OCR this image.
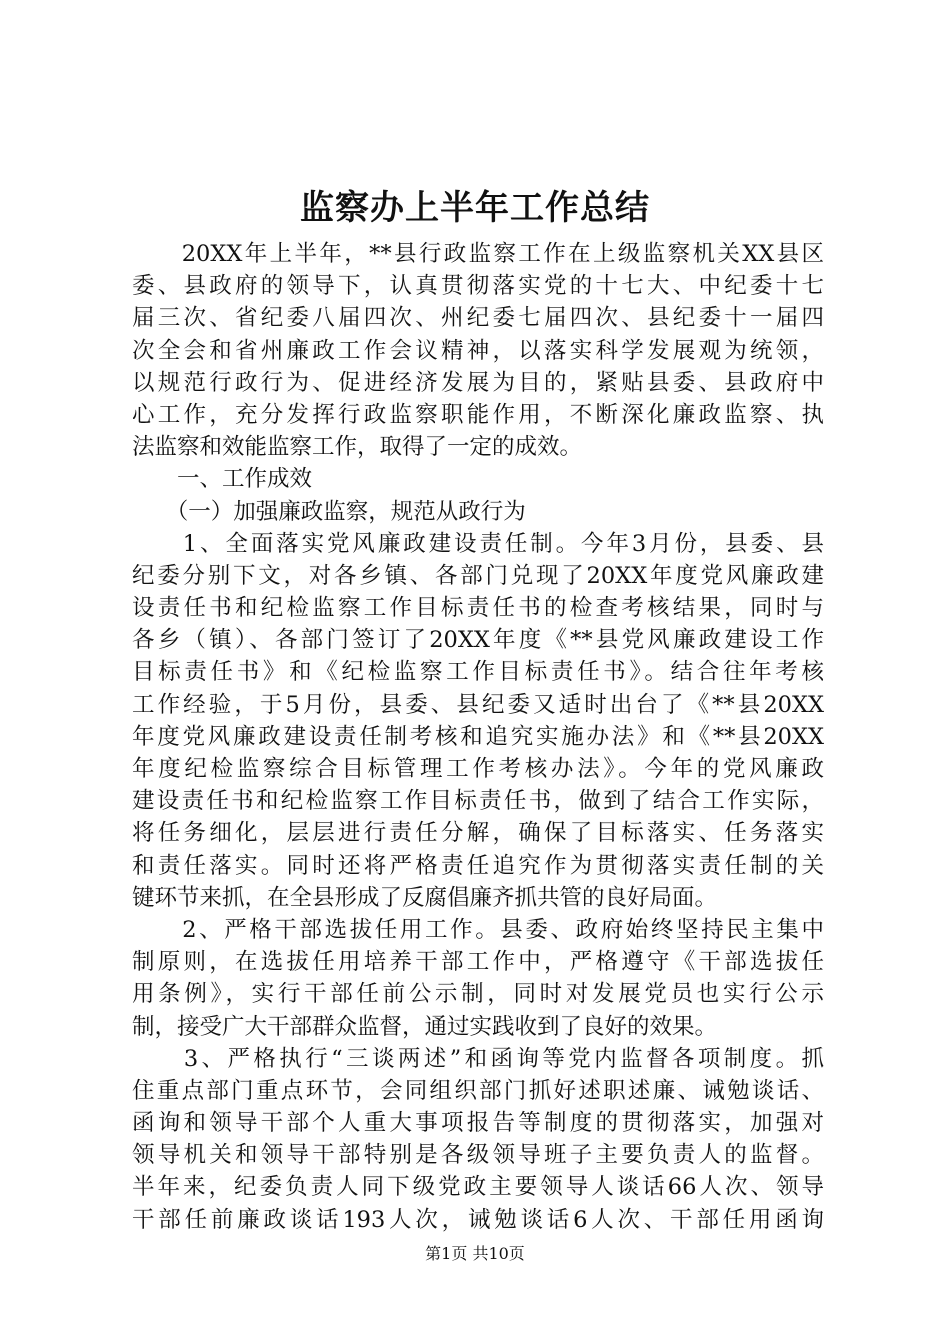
监察办上半年工作总结
　　20XX年上半年，**县行政监察工作在上级监察机关XX县区
委、县政府的领导下，认真贯彻落实党的十七大、中纪委十七
届三次、省纪委八届四次、州纪委七届四次、县纪委十一届四
次全会和省州廉政工作会议精神，以落实科学发展观为统领，
以规范行政行为、促进经济发展为目的，紧贴县委、县政府中
心工作，充分发挥行政监察职能作用，不断深化廉政监察、执
法监察和效能监察工作，取得了一定的成效。
　　一、工作成效
　　（一）加强廉政监察，规范从政行为
　　1、全面落实党风廉政建设责任制。今年3月份，县委、县
纪委分别下文，对各乡镇、各部门兑现了20XX年度党风廉政建
设责任书和纪检监察工作目标责任书的检查考核结果，同时与
各乡（镇）、各部门签订了20XX年度《**县党风廉政建设工作
目标责任书》和《纪检监察工作目标责任书》。结合往年考核
工作经验，于5月份，县委、县纪委又适时出台了《**县20XX
年度党风廉政建设责任制考核和追究实施办法》和《**县20XX
年度纪检监察综合目标管理工作考核办法》。今年的党风廉政
建设责任书和纪检监察工作目标责任书，做到了结合工作实际，
将任务细化，层层进行责任分解，确保了目标落实、任务落实
和责任落实。同时还将严格责任追究作为贯彻落实责任制的关
键环节来抓，在全县形成了反腐倡廉齐抓共管的良好局面。
　　2、严格干部选拔任用工作。县委、政府始终坚持民主集中
制原则，在选拔任用培养干部工作中，严格遵守《干部选拔任
用条例》，实行干部任前公示制，同时对发展党员也实行公示
制，接受广大干部群众监督，通过实践收到了良好的效果。
　　3、严格执行“三谈两述”和函询等党内监督各项制度。抓
住重点部门重点环节，会同组织部门抓好述职述廉、诫勉谈话、
函询和领导干部个人重大事项报告等制度的贯彻落实，加强对
领导机关和领导干部特别是各级领导班子主要负责人的监督。
半年来，纪委负责人同下级党政主要领导人谈话66人次、领导
干部任前廉政谈话193人次，诫勉谈话6人次、干部任用函询
第1页 共10页
